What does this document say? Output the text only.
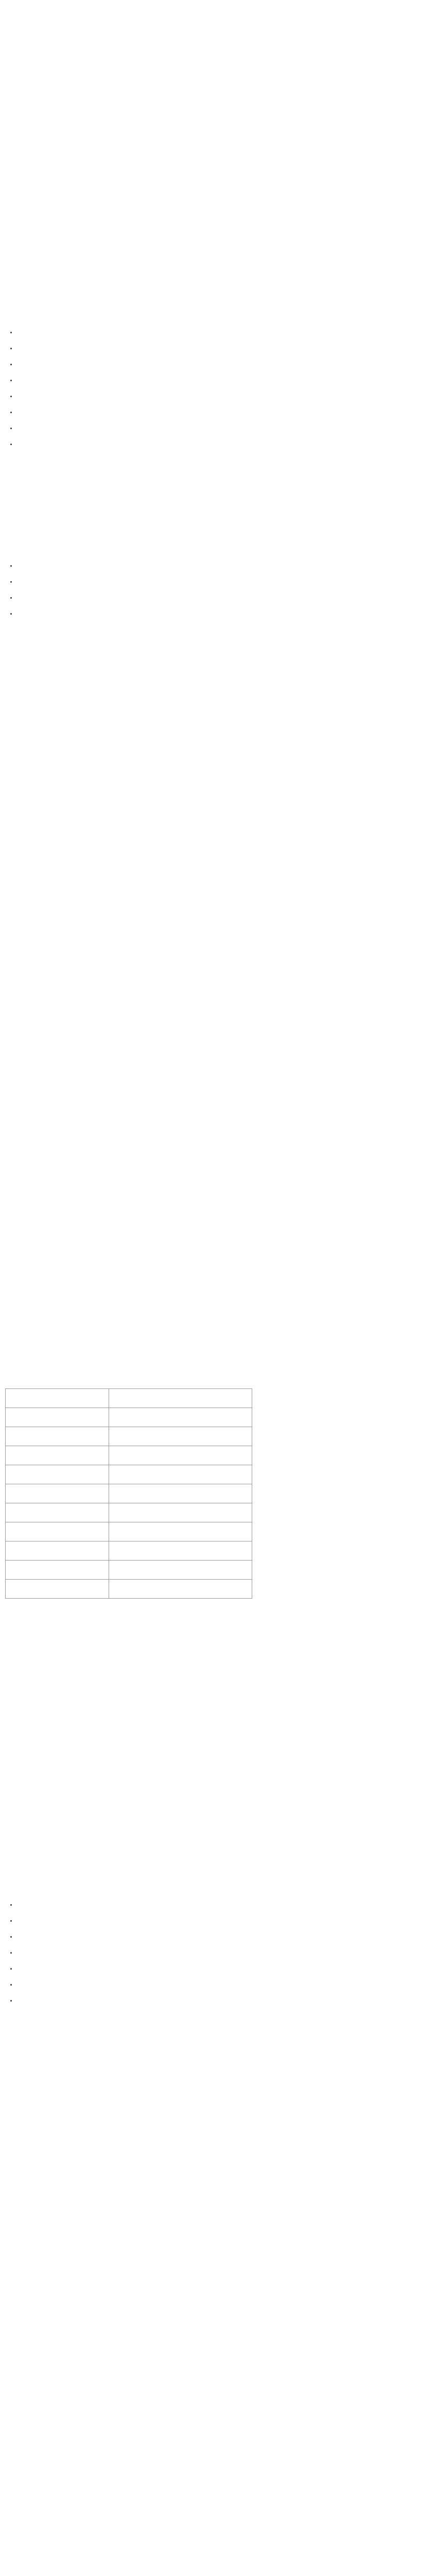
•
•
•
•
•
•
•
•

•
•
•
•

•
•
•
•
•
•
•
